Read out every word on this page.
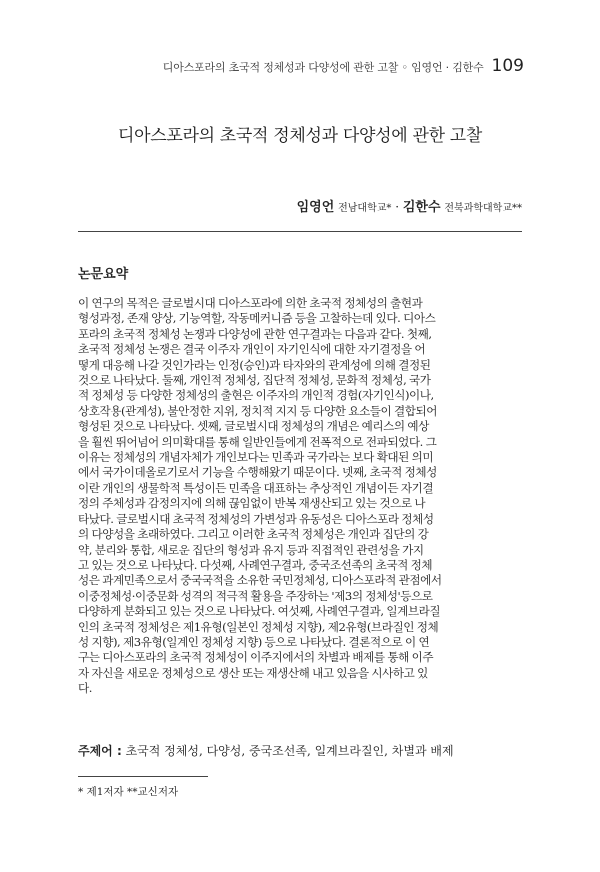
디아스포라의 초국적 정체성과 다양성에 관한 고찰 ◦ 임영언 · 김한수 109
디아스포라의 초국적 정체성과 다양성에 관한 고찰
임영언 전남대학교* · 김한수 전북과학대학교**
논문요약

이 연구의 목적은 글로벌시대 디아스포라에 의한 초국적 정체성의 출현과
형성과정, 존재 양상, 기능역할, 작동메커니즘 등을 고찰하는데 있다. 디아스
포라의 초국적 정체성 논쟁과 다양성에 관한 연구결과는 다음과 같다. 첫째,
초국적 정체성 논쟁은 결국 이주자 개인이 자기인식에 대한 자기결정을 어
떻게 대응해 나갈 것인가라는 인정(승인)과 타자와의 관계성에 의해 결정된
것으로 나타났다. 둘째, 개인적 정체성, 집단적 정체성, 문화적 정체성, 국가
적 정체성 등 다양한 정체성의 출현은 이주자의 개인적 경험(자기인식)이나,
상호작용(관계성), 불안정한 지위, 정치적 지지 등 다양한 요소들이 결합되어
형성된 것으로 나타났다. 셋째, 글로벌시대 정체성의 개념은 예리스의 예상
을 훨씬 뛰어넘어 의미확대를 통해 일반인들에게 전폭적으로 전파되었다. 그
이유는 정체성의 개념자체가 개인보다는 민족과 국가라는 보다 확대된 의미
에서 국가이데올로기로서 기능을 수행해왔기 때문이다. 넷째, 초국적 정체성
이란 개인의 생물학적 특성이든 민족을 대표하는 추상적인 개념이든 자기결
정의 주체성과 감정의지에 의해 끊임없이 반복 재생산되고 있는 것으로 나
타났다. 글로벌시대 초국적 정체성의 가변성과 유동성은 디아스포라 정체성
의 다양성을 초래하였다. 그리고 이러한 초국적 정체성은 개인과 집단의 강
약, 분리와 통합, 새로운 집단의 형성과 유지 등과 직접적인 관련성을 가지
고 있는 것으로 나타났다. 다섯째, 사례연구결과, 중국조선족의 초국적 정체
성은 과계민족으로서 중국국적을 소유한 국민정체성, 디아스포라적 관점에서
이중정체성·이중문화 성격의 적극적 활용을 주장하는 '제3의 정체성'등으로
다양하게 분화되고 있는 것으로 나타났다. 여섯째, 사례연구결과, 일계브라질
인의 초국적 정체성은 제1유형(일본인 정체성 지향), 제2유형(브라질인 정체
성 지향), 제3유형(일계인 정체성 지향) 등으로 나타났다. 결론적으로 이 연
구는 디아스포라의 초국적 정체성이 이주지에서의 차별과 배제를 통해 이주
자 자신을 새로운 정체성으로 생산 또는 재생산해 내고 있음을 시사하고 있
다.

주제어 : 초국적 정체성, 다양성, 중국조선족, 일계브라질인, 차별과 배제
* 제1저자 **교신저자
